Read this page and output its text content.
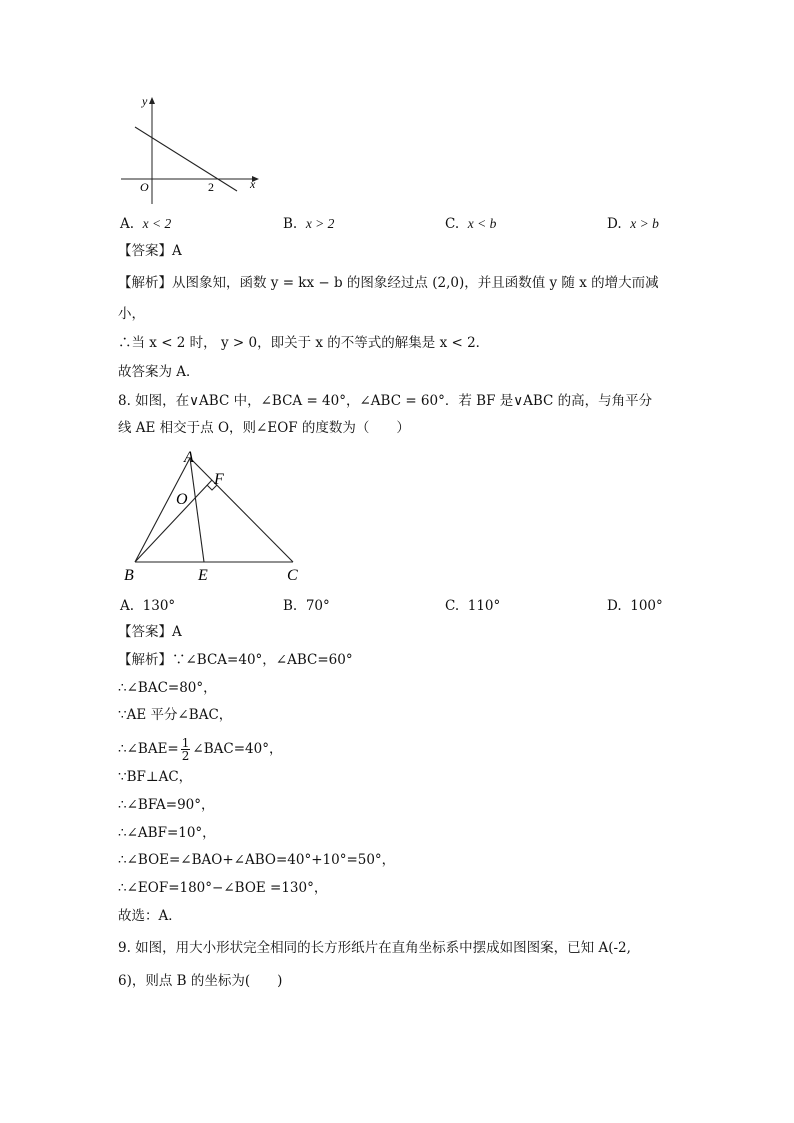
y
x
O	2
A. x < 2	B. x > 2	C. x < b	D. x > b
【答案】A
【解析】从图象知，函数 y = kx − b 的图象经过点 (2,0)，并且函数值 y 随 x 的增大而减
小，
∴当 x < 2 时， y > 0，即关于 x 的不等式的解集是 x < 2．
故答案为 A．
8. 如图，在∨ABC 中，∠BCA = 40°，∠ABC = 60°．若 BF 是∨ABC 的高，与角平分
线 AE 相交于点 O，则∠EOF 的度数为（　　）
A
F
O
B	E	C
A. 130°	B. 70°	C. 110°	D. 100°
【答案】A
【解析】∵∠BCA=40°，∠ABC=60°
∴∠BAC=80°，
∵AE 平分∠BAC，
∴∠BAE= $\frac{1}{2}$ ∠BAC=40°，
∵BF⊥AC，
∴∠BFA=90°，
∴∠ABF=10°，
∴∠BOE=∠BAO+∠ABO=40°+10°=50°，
∴∠EOF=180°−∠BOE =130°，
故选：A．
9. 如图，用大小形状完全相同的长方形纸片在直角坐标系中摆成如图图案，已知 A(-2,
6)，则点 B 的坐标为(　　)
